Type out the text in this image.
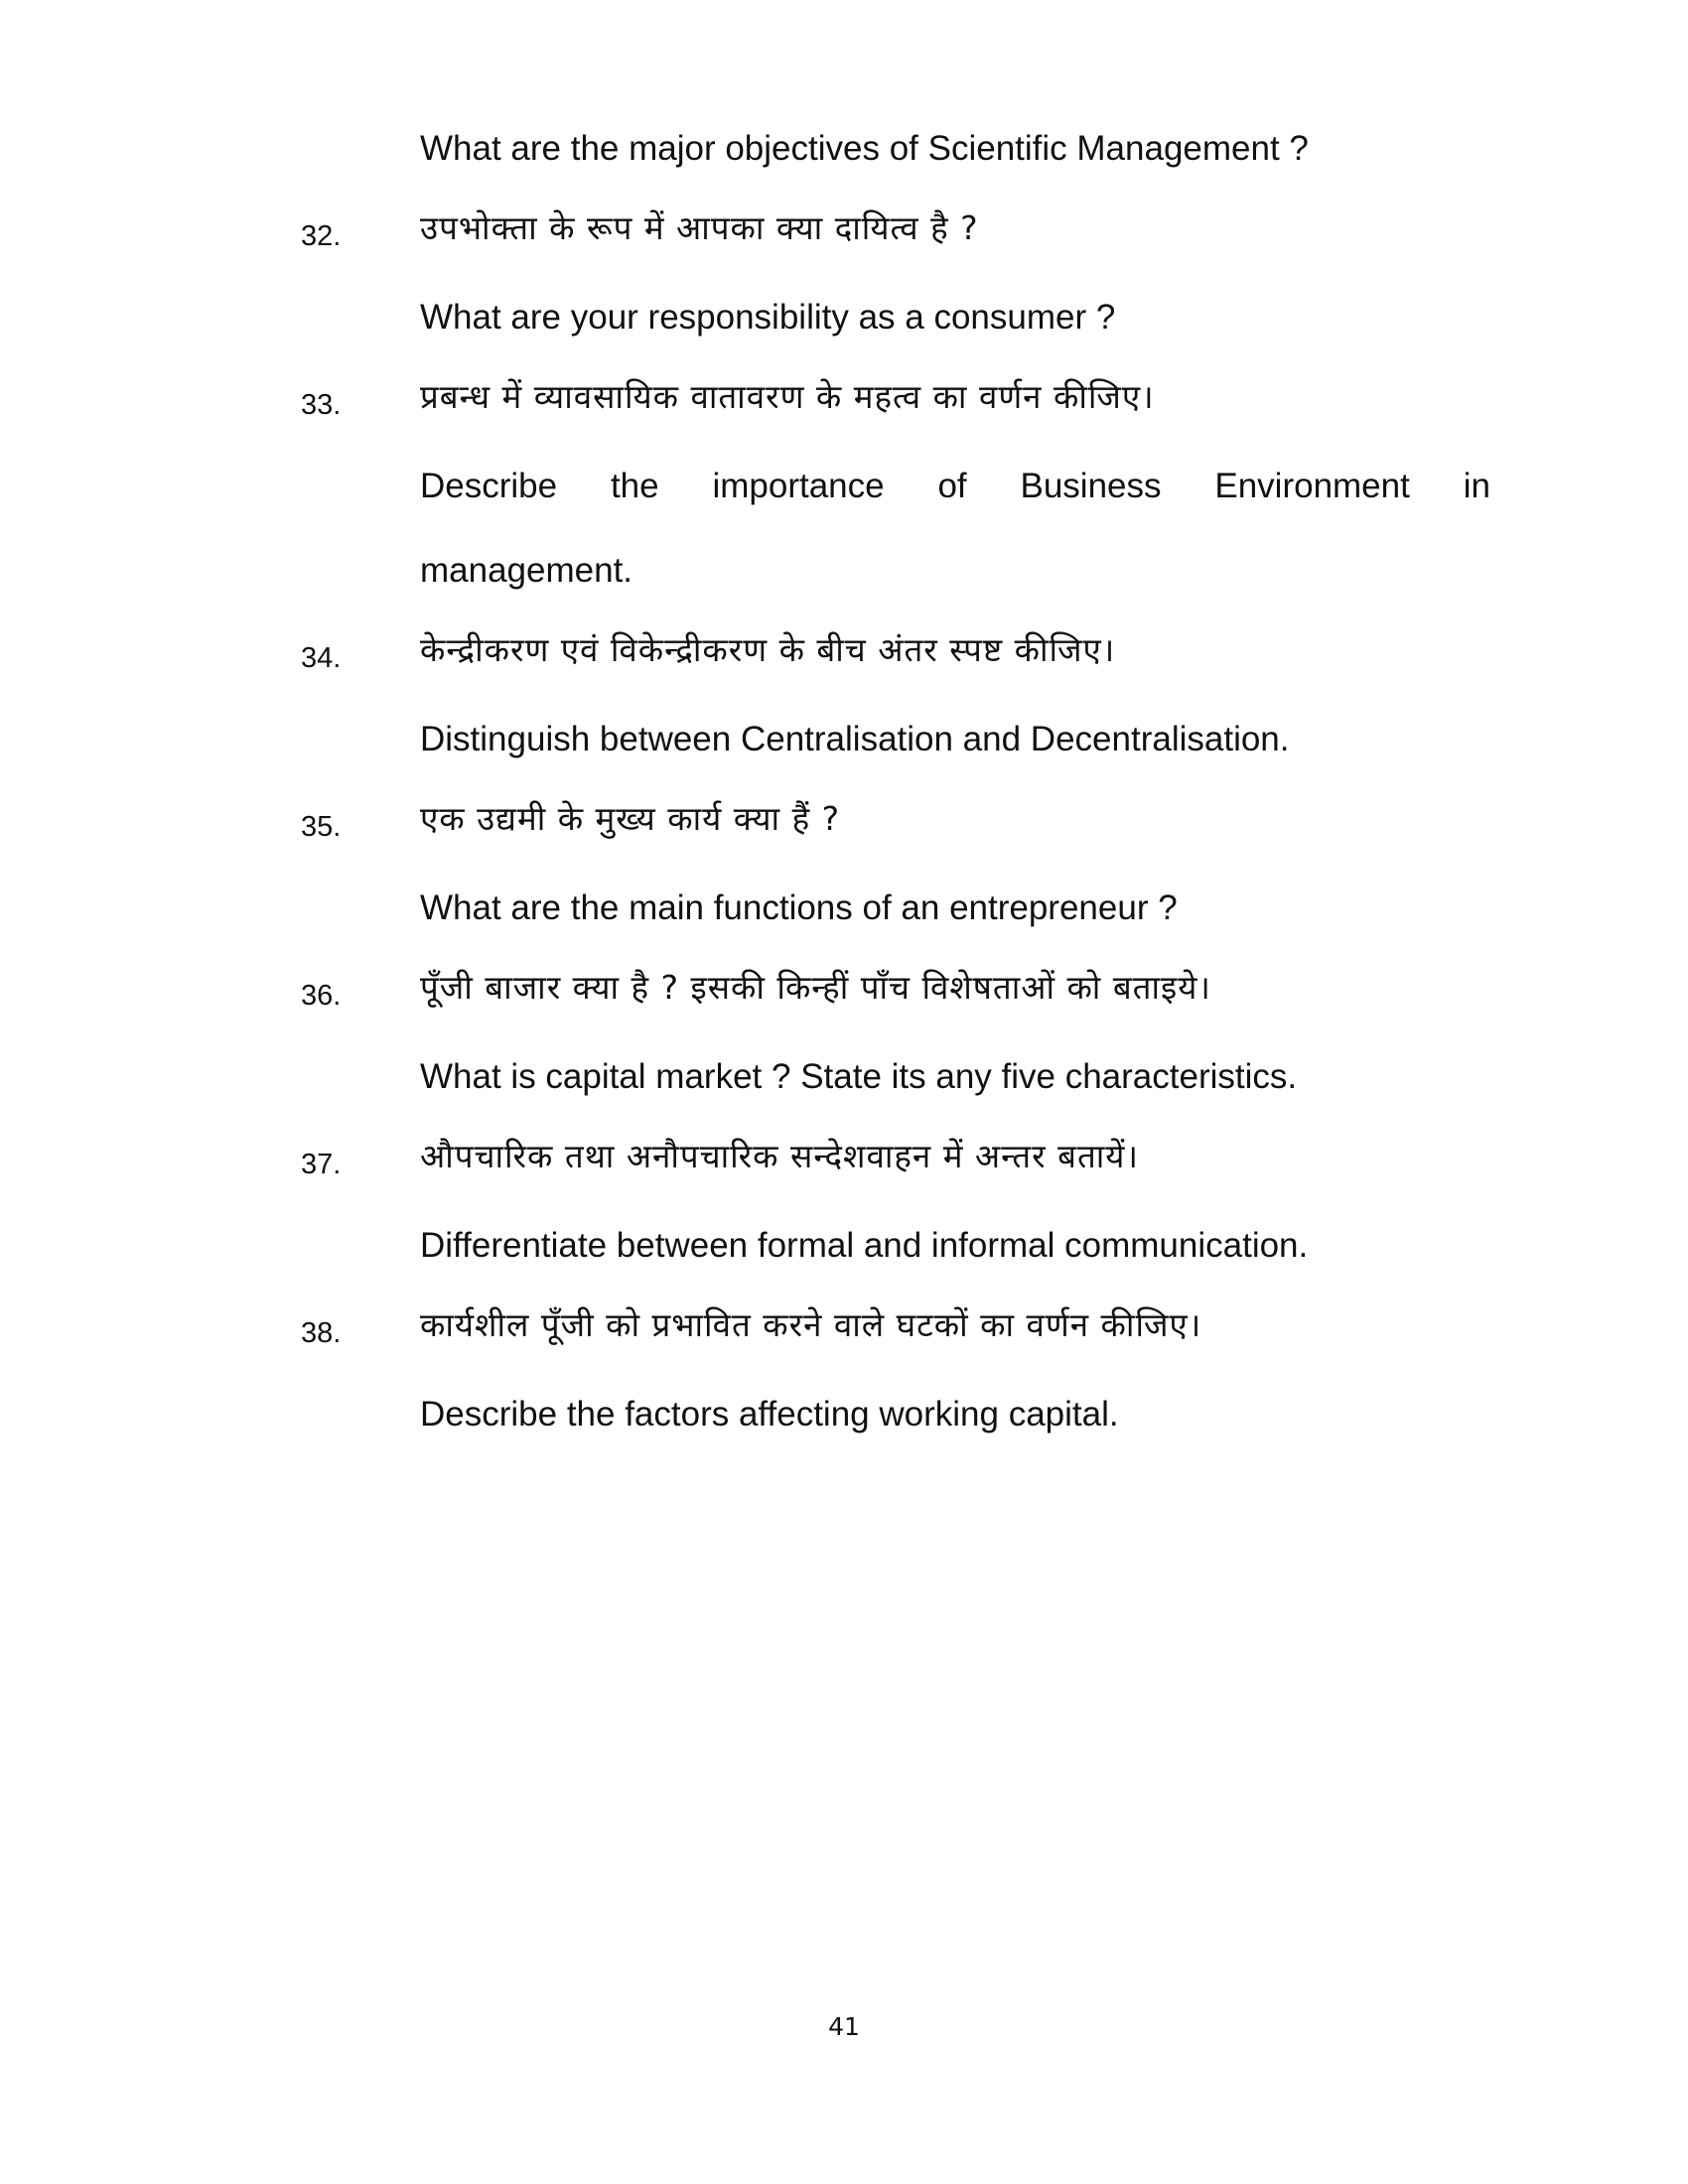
What are the major objectives of Scientific Management ?
32. उपभोक्ता के रूप में आपका क्या दायित्व है ?
What are your responsibility as a consumer ?
33. प्रबन्ध में व्यावसायिक वातावरण के महत्व का वर्णन कीजिए।
Describe the importance of Business Environment in
management.
34. केन्द्रीकरण एवं विकेन्द्रीकरण के बीच अंतर स्पष्ट कीजिए।
Distinguish between Centralisation and Decentralisation.
35. एक उद्यमी के मुख्य कार्य क्या हैं ?
What are the main functions of an entrepreneur ?
36. पूँजी बाजार क्या है ? इसकी किन्हीं पाँच विशेषताओं को बताइये।
What is capital market ? State its any five characteristics.
37. औपचारिक तथा अनौपचारिक सन्देशवाहन में अन्तर बतायें।
Differentiate between formal and informal communication.
38. कार्यशील पूँजी को प्रभावित करने वाले घटकों का वर्णन कीजिए।
Describe the factors affecting working capital.
41
